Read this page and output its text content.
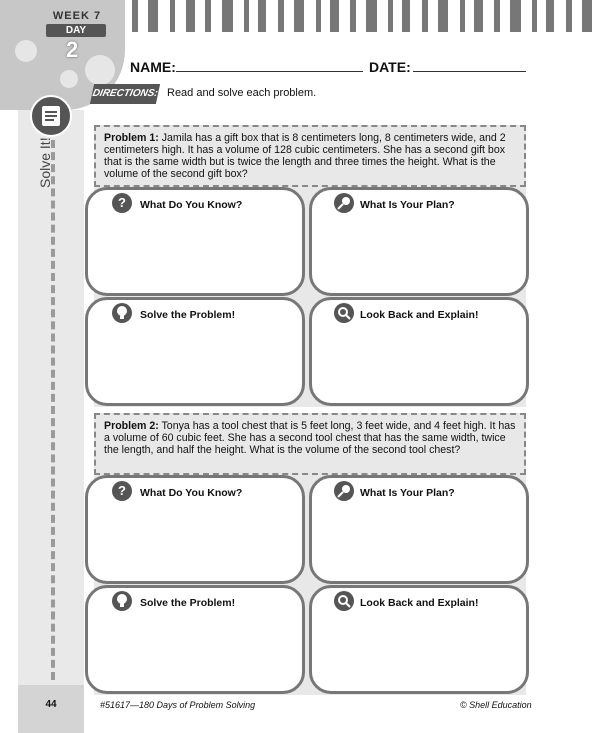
WEEK 7
DAY
2
NAME:	DATE:
Solve It!
DIRECTIONS: Read and solve each problem.
Problem 1: Jamila has a gift box that is 8 centimeters long, 8 centimeters wide, and 2 centimeters high. It has a volume of 128 cubic centimeters. She has a second gift box that is the same width but is twice the length and three times the height. What is the volume of the second gift box?
?	What Do You Know?	What Is Your Plan?
Solve the Problem!	Look Back and Explain!
Problem 2: Tonya has a tool chest that is 5 feet long, 3 feet wide, and 4 feet high. It has a volume of 60 cubic feet. She has a second tool chest that has the same width, twice the length, and half the height. What is the volume of the second tool chest?
?	What Do You Know?	What Is Your Plan?
Solve the Problem!	Look Back and Explain!
44	#51617—180 Days of Problem Solving	© Shell Education
